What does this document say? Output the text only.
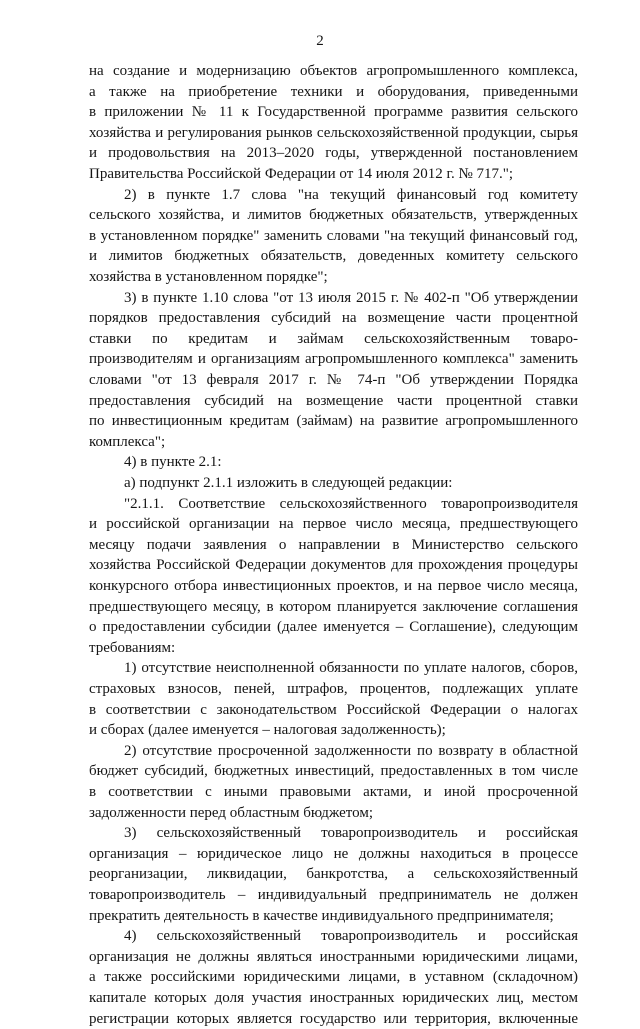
2
на создание и модернизацию объектов агропромышленного комплекса,
а также на приобретение техники и оборудования, приведенными
в приложении № 11 к Государственной программе развития сельского
хозяйства и регулирования рынков сельскохозяйственной продукции, сырья
и продовольствия на 2013–2020 годы, утвержденной постановлением
Правительства Российской Федерации от 14 июля 2012 г. № 717.";
2) в пункте 1.7 слова "на текущий финансовый год комитету
сельского хозяйства, и лимитов бюджетных обязательств, утвержденных
в установленном порядке" заменить словами "на текущий финансовый год,
и лимитов бюджетных обязательств, доведенных комитету сельского
хозяйства в установленном порядке";
3) в пункте 1.10 слова "от 13 июля 2015 г. № 402-п "Об утверждении
порядков предоставления субсидий на возмещение части процентной
ставки по кредитам и займам сельскохозяйственным товаро-
производителям и организациям агропромышленного комплекса" заменить
словами "от 13 февраля 2017 г. № 74-п "Об утверждении Порядка
предоставления субсидий на возмещение части процентной ставки
по инвестиционным кредитам (займам) на развитие агропромышленного
комплекса";
4) в пункте 2.1:
а) подпункт 2.1.1 изложить в следующей редакции:
"2.1.1. Соответствие сельскохозяйственного товаропроизводителя
и российской организации на первое число месяца, предшествующего
месяцу подачи заявления о направлении в Министерство сельского
хозяйства Российской Федерации документов для прохождения процедуры
конкурсного отбора инвестиционных проектов, и на первое число месяца,
предшествующего месяцу, в котором планируется заключение соглашения
о предоставлении субсидии (далее именуется – Соглашение), следующим
требованиям:
1) отсутствие неисполненной обязанности по уплате налогов, сборов,
страховых взносов, пеней, штрафов, процентов, подлежащих уплате
в соответствии с законодательством Российской Федерации о налогах
и сборах (далее именуется – налоговая задолженность);
2) отсутствие просроченной задолженности по возврату в областной
бюджет субсидий, бюджетных инвестиций, предоставленных в том числе
в соответствии с иными правовыми актами, и иной просроченной
задолженности перед областным бюджетом;
3) сельскохозяйственный товаропроизводитель и российская
организация – юридическое лицо не должны находиться в процессе
реорганизации, ликвидации, банкротства, а сельскохозяйственный
товаропроизводитель – индивидуальный предприниматель не должен
прекратить деятельность в качестве индивидуального предпринимателя;
4) сельскохозяйственный товаропроизводитель и российская
организация не должны являться иностранными юридическими лицами,
а также российскими юридическими лицами, в уставном (складочном)
капитале которых доля участия иностранных юридических лиц, местом
регистрации которых является государство или территория, включенные
